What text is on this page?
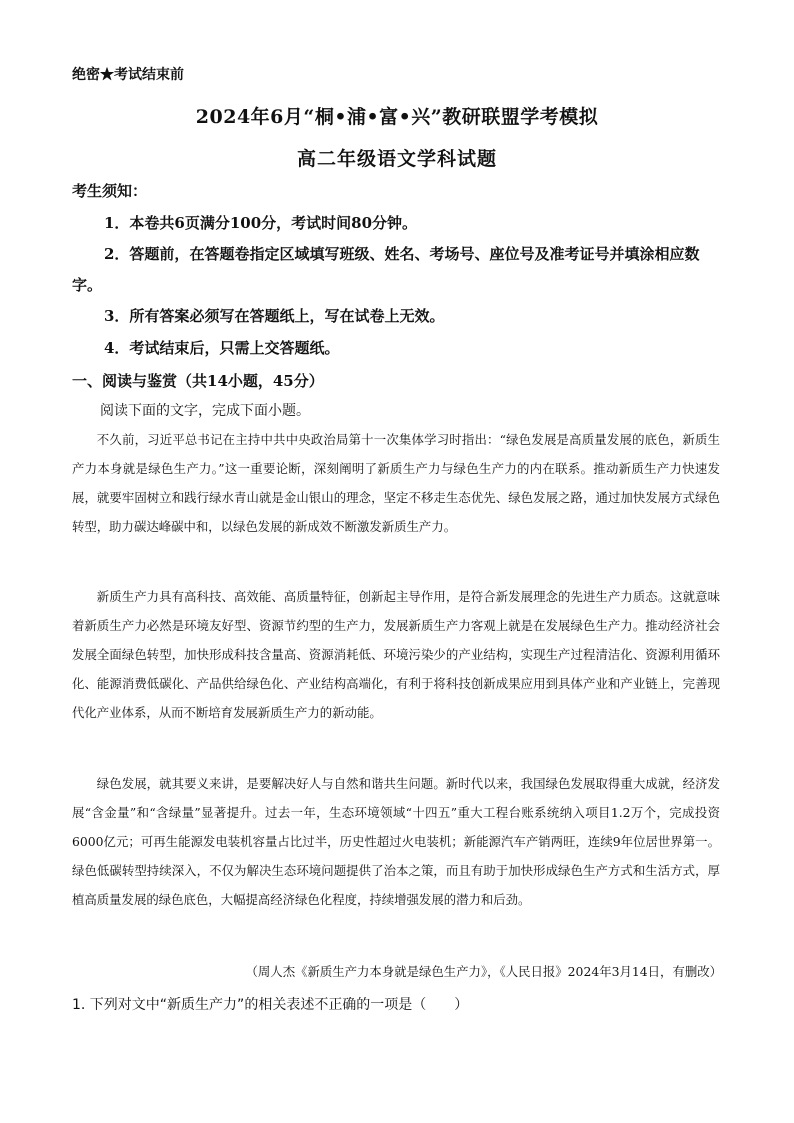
绝密★考试结束前
2024年6月“桐•浦•富•兴”教研联盟学考模拟
高二年级语文学科试题
考生须知：
1．本卷共6页满分100分，考试时间80分钟。
2．答题前，在答题卷指定区域填写班级、姓名、考场号、座位号及准考证号并填涂相应数字。
3．所有答案必须写在答题纸上，写在试卷上无效。
4．考试结束后，只需上交答题纸。
一、阅读与鉴赏（共14小题，45分）
阅读下面的文字，完成下面小题。
不久前，习近平总书记在主持中共中央政治局第十一次集体学习时指出：“绿色发展是高质量发展的底色，新质生产力本身就是绿色生产力。”这一重要论断，深刻阐明了新质生产力与绿色生产力的内在联系。推动新质生产力快速发展，就要牢固树立和践行绿水青山就是金山银山的理念，坚定不移走生态优先、绿色发展之路，通过加快发展方式绿色转型，助力碳达峰碳中和，以绿色发展的新成效不断激发新质生产力。
新质生产力具有高科技、高效能、高质量特征，创新起主导作用，是符合新发展理念的先进生产力质态。这就意味着新质生产力必然是环境友好型、资源节约型的生产力，发展新质生产力客观上就是在发展绿色生产力。推动经济社会发展全面绿色转型，加快形成科技含量高、资源消耗低、环境污染少的产业结构，实现生产过程清洁化、资源利用循环化、能源消费低碳化、产品供给绿色化、产业结构高端化，有利于将科技创新成果应用到具体产业和产业链上，完善现代化产业体系，从而不断培育发展新质生产力的新动能。
绿色发展，就其要义来讲，是要解决好人与自然和谐共生问题。新时代以来，我国绿色发展取得重大成就，经济发展“含金量”和“含绿量”显著提升。过去一年，生态环境领域“十四五”重大工程台账系统纳入项目1.2万个，完成投资6000亿元；可再生能源发电装机容量占比过半，历史性超过火电装机；新能源汽车产销两旺，连续9年位居世界第一。绿色低碳转型持续深入，不仅为解决生态环境问题提供了治本之策，而且有助于加快形成绿色生产方式和生活方式，厚植高质量发展的绿色底色，大幅提高经济绿色化程度，持续增强发展的潜力和后劲。
（周人杰《新质生产力本身就是绿色生产力》，《人民日报》2024年3月14日，有删改）
1. 下列对文中“新质生产力”的相关表述不正确的一项是（　　）
